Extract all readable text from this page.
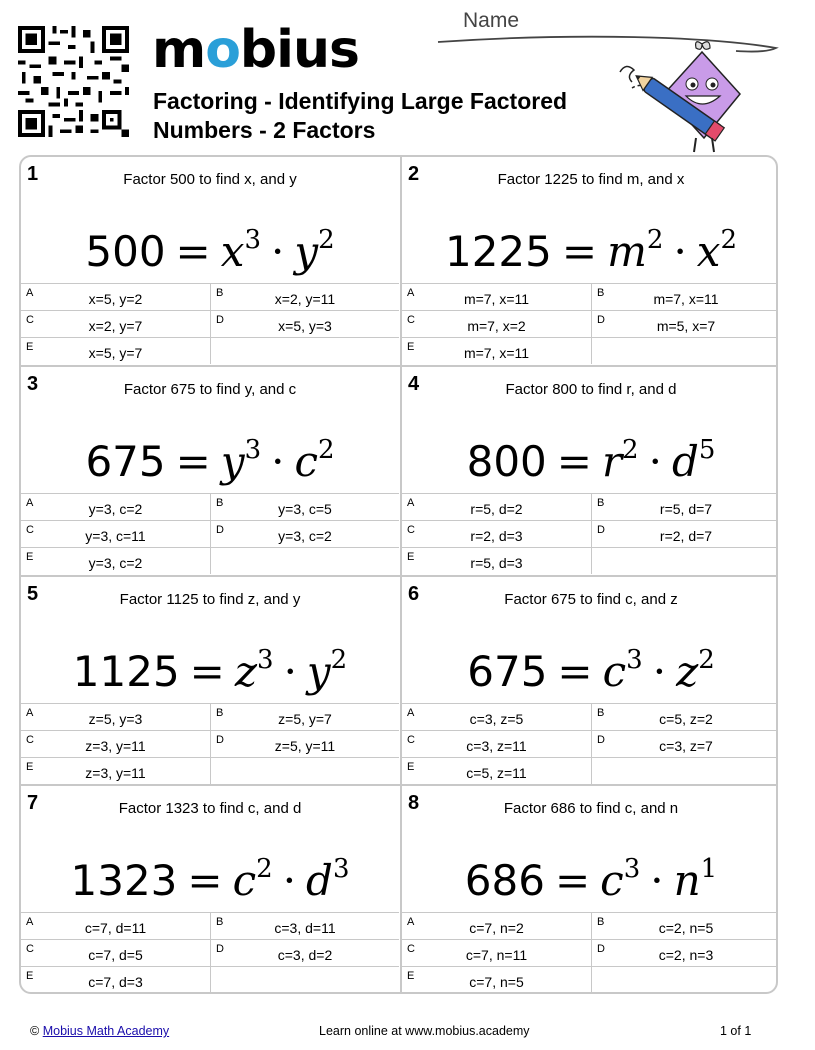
mobius
Factoring - Identifying Large Factored Numbers - 2 Factors
Name
1	Factor 500 to find x, and y
$500 = x^3 \cdot y^2$
A	x=5, y=2	B	x=2, y=11
C	x=2, y=7	D	x=5, y=3
E	x=5, y=7
2	Factor 1225 to find m, and x
$1225 = m^2 \cdot x^2$
A	m=7, x=11	B	m=7, x=11
C	m=7, x=2	D	m=5, x=7
E	m=7, x=11
3	Factor 675 to find y, and c
$675 = y^3 \cdot c^2$
A	y=3, c=2	B	y=3, c=5
C	y=3, c=11	D	y=3, c=2
E	y=3, c=2
4	Factor 800 to find r, and d
$800 = r^2 \cdot d^5$
A	r=5, d=2	B	r=5, d=7
C	r=2, d=3	D	r=2, d=7
E	r=5, d=3
5	Factor 1125 to find z, and y
$1125 = z^3 \cdot y^2$
A	z=5, y=3	B	z=5, y=7
C	z=3, y=11	D	z=5, y=11
E	z=3, y=11
6	Factor 675 to find c, and z
$675 = c^3 \cdot z^2$
A	c=3, z=5	B	c=5, z=2
C	c=3, z=11	D	c=3, z=7
E	c=5, z=11
7	Factor 1323 to find c, and d
$1323 = c^2 \cdot d^3$
A	c=7, d=11	B	c=3, d=11
C	c=7, d=5	D	c=3, d=2
E	c=7, d=3
8	Factor 686 to find c, and n
$686 = c^3 \cdot n^1$
A	c=7, n=2	B	c=2, n=5
C	c=7, n=11	D	c=2, n=3
E	c=7, n=5
© Mobius Math Academy	Learn online at www.mobius.academy	1 of 1
